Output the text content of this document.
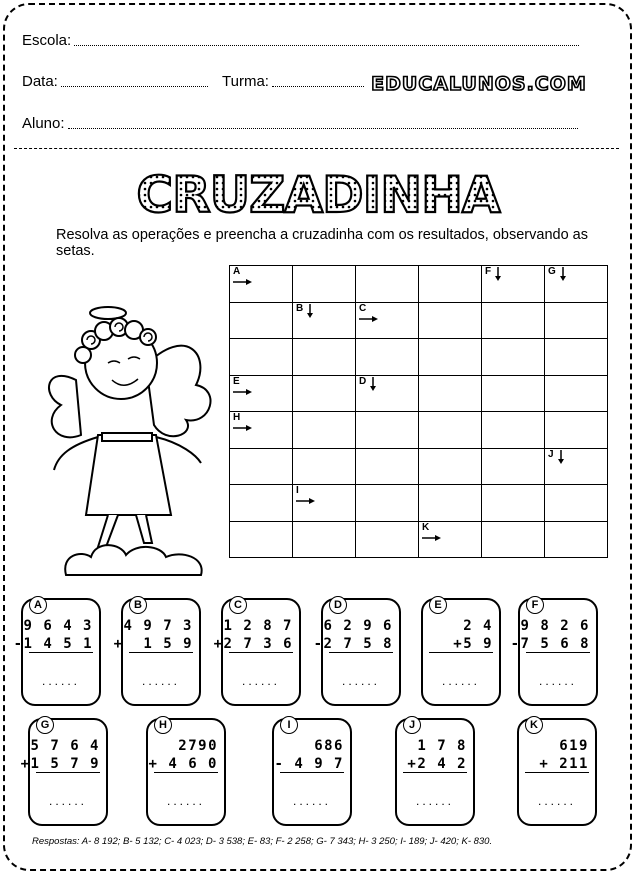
Escola:
Data:	Turma:	EDUCALUNOS.COM
Aluno:
CRUZADINHA
Resolva as operações e preencha a cruzadinha com os resultados, observando as setas.
A	F	G
B	C
E	D
H
J
I
K
A
9 6 4 3
-1 4 5 1
......
B
4 9 7 3
+  1 5 9
......
C
1 2 8 7
+2 7 3 6
......
D
6 2 9 6
-2 7 5 8
......
E
2 4
+5 9
......
F
9 8 2 6
-7 5 6 8
......
G
5 7 6 4
+1 5 7 9
......
H
2790
+ 4 6 0
......
I
686
- 4 9 7
......
J
1 7 8
+2 4 2
......
K
619
+ 211
......
Respostas: A- 8 192; B- 5 132; C- 4 023; D- 3 538; E- 83; F- 2 258; G- 7 343; H- 3 250; I- 189; J- 420; K- 830.
